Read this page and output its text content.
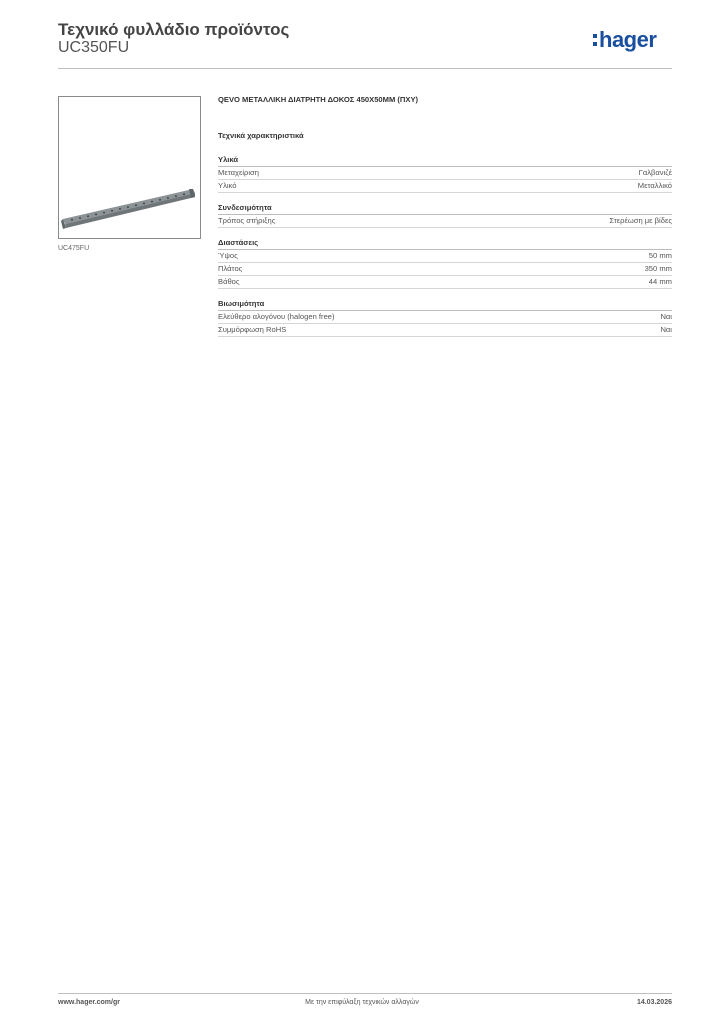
Τεχνικό φυλλάδιο προϊόντος
UC350FU	hager
UC475FU
QEVO ΜΕΤΑΛΛΙΚΗ ΔΙΑΤΡΗΤΗ ΔΟΚΟΣ 450X50MM (ΠΧΥ)
Τεχνικά χαρακτηριστικά
Υλικά
Μεταχείριση	Γαλβανιζέ
Υλικό	Μεταλλικό
Συνδεσιμότητα
Τρόπος στήριξης	Στερέωση με βίδες
Διαστάσεις
Ύψος	50 mm
Πλάτος	350 mm
Βάθος	44 mm
Βιωσιμότητα
Ελεύθερο αλογόνου (halogen free)	Ναι
Συμμόρφωση RoHS	Ναι
www.hager.com/gr	Με την επιφύλαξη τεχνικών αλλαγών	14.03.2026
